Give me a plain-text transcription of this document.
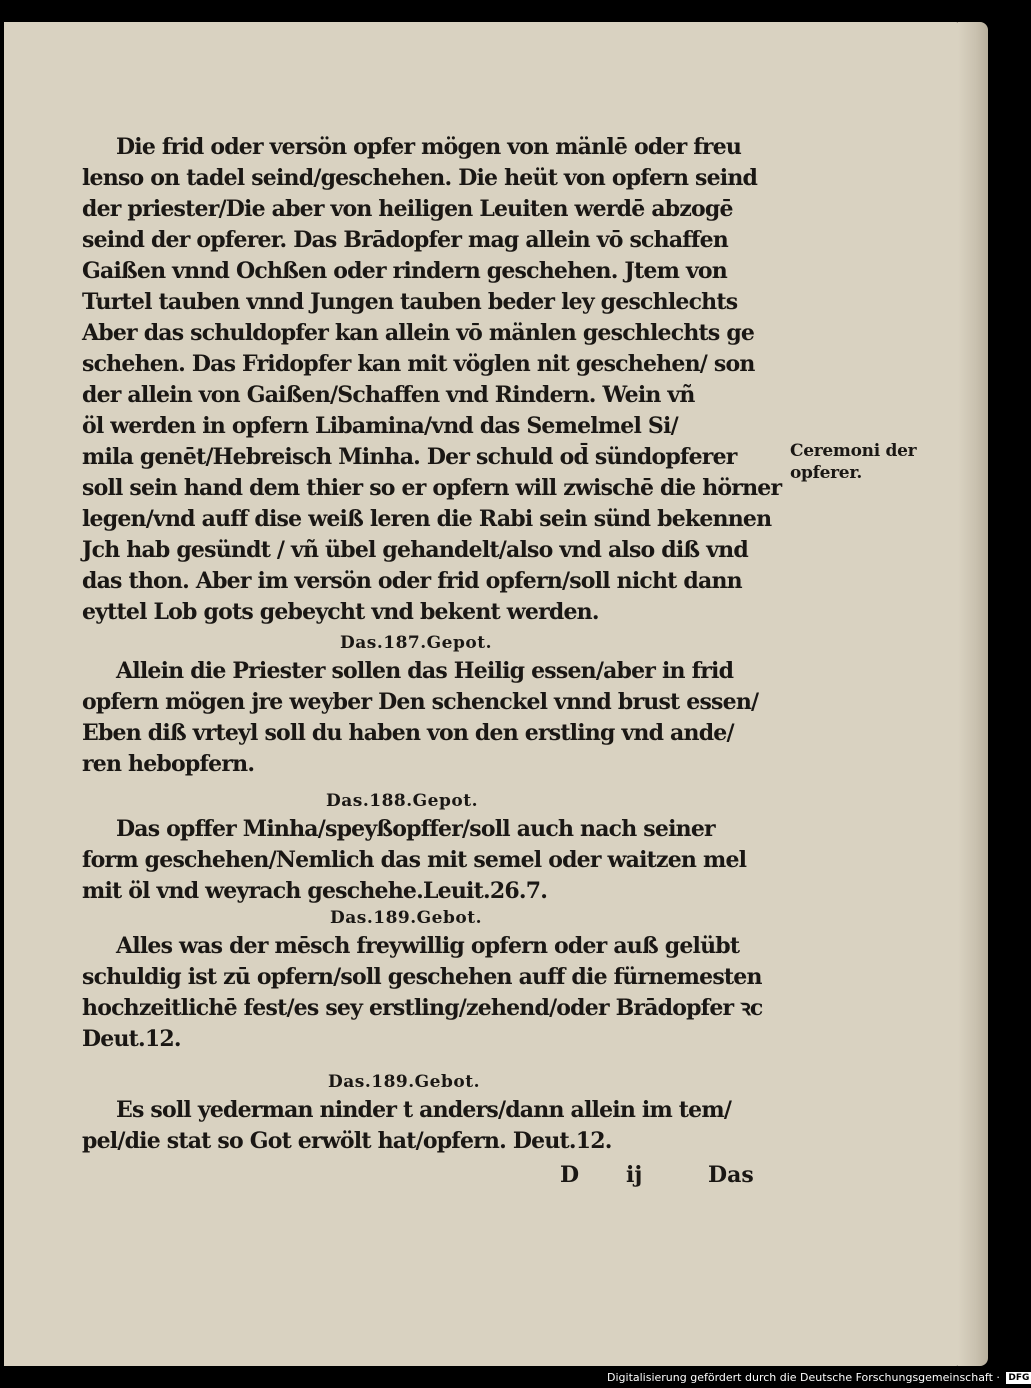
Die frid oder versön opfer mögen von mänlē oder freu
lenso on tadel seind/geschehen. Die heüt von opfern seind
der priester/Die aber von heiligen Leuiten werdē abzogē
seind der opferer. Das Brādopfer mag allein vō schaffen
Gaißen vnnd Ochßen oder rindern geschehen. Jtem von
Turtel tauben vnnd Jungen tauben beder ley geschlechts
Aber das schuldopfer kan allein vō mänlen geschlechts ge
schehen. Das Fridopfer kan mit vöglen nit geschehen/ son
der allein von Gaißen/Schaffen vnd Rindern. Wein vñ
öl werden in opfern Libamina/vnd das Semelmel Si/
mila genēt/Hebreisch Minha. Der schuld od̄ sündopferer
soll sein hand dem thier so er opfern will zwischē die hörner
legen/vnd auff dise weiß leren die Rabi sein sünd bekennen
Jch hab gesündt / vñ übel gehandelt/also vnd also diß vnd
das thon. Aber im versön oder frid opfern/soll nicht dann
eyttel Lob gots gebeycht vnd bekent werden.
Das.187.Gepot.
Allein die Priester sollen das Heilig essen/aber in frid
opfern mögen jre weyber Den schenckel vnnd brust essen/
Eben diß vrteyl soll du haben von den erstling vnd ande/
ren hebopfern.
Das.188.Gepot.
Das opffer Minha/speyßopffer/soll auch nach seiner
form geschehen/Nemlich das mit semel oder waitzen mel
mit öl vnd weyrach geschehe.Leuit.26.7.
Das.189.Gebot.
Alles was der mēsch freywillig opfern oder auß gelübt
schuldig ist zū opfern/soll geschehen auff die fürnemesten
hochzeitlichē fest/es sey erstling/zehend/oder Brādopfer ꝛc
Deut.12.
Das.189.Gebot.
Es soll yederman ninder t anders/dann allein im tem/
pel/die stat so Got erwölt hat/opfern. Deut.12.
Ceremoni der
opferer.
D ij	Das
Digitalisierung gefördert durch die Deutsche Forschungsgemeinschaft · DFG
